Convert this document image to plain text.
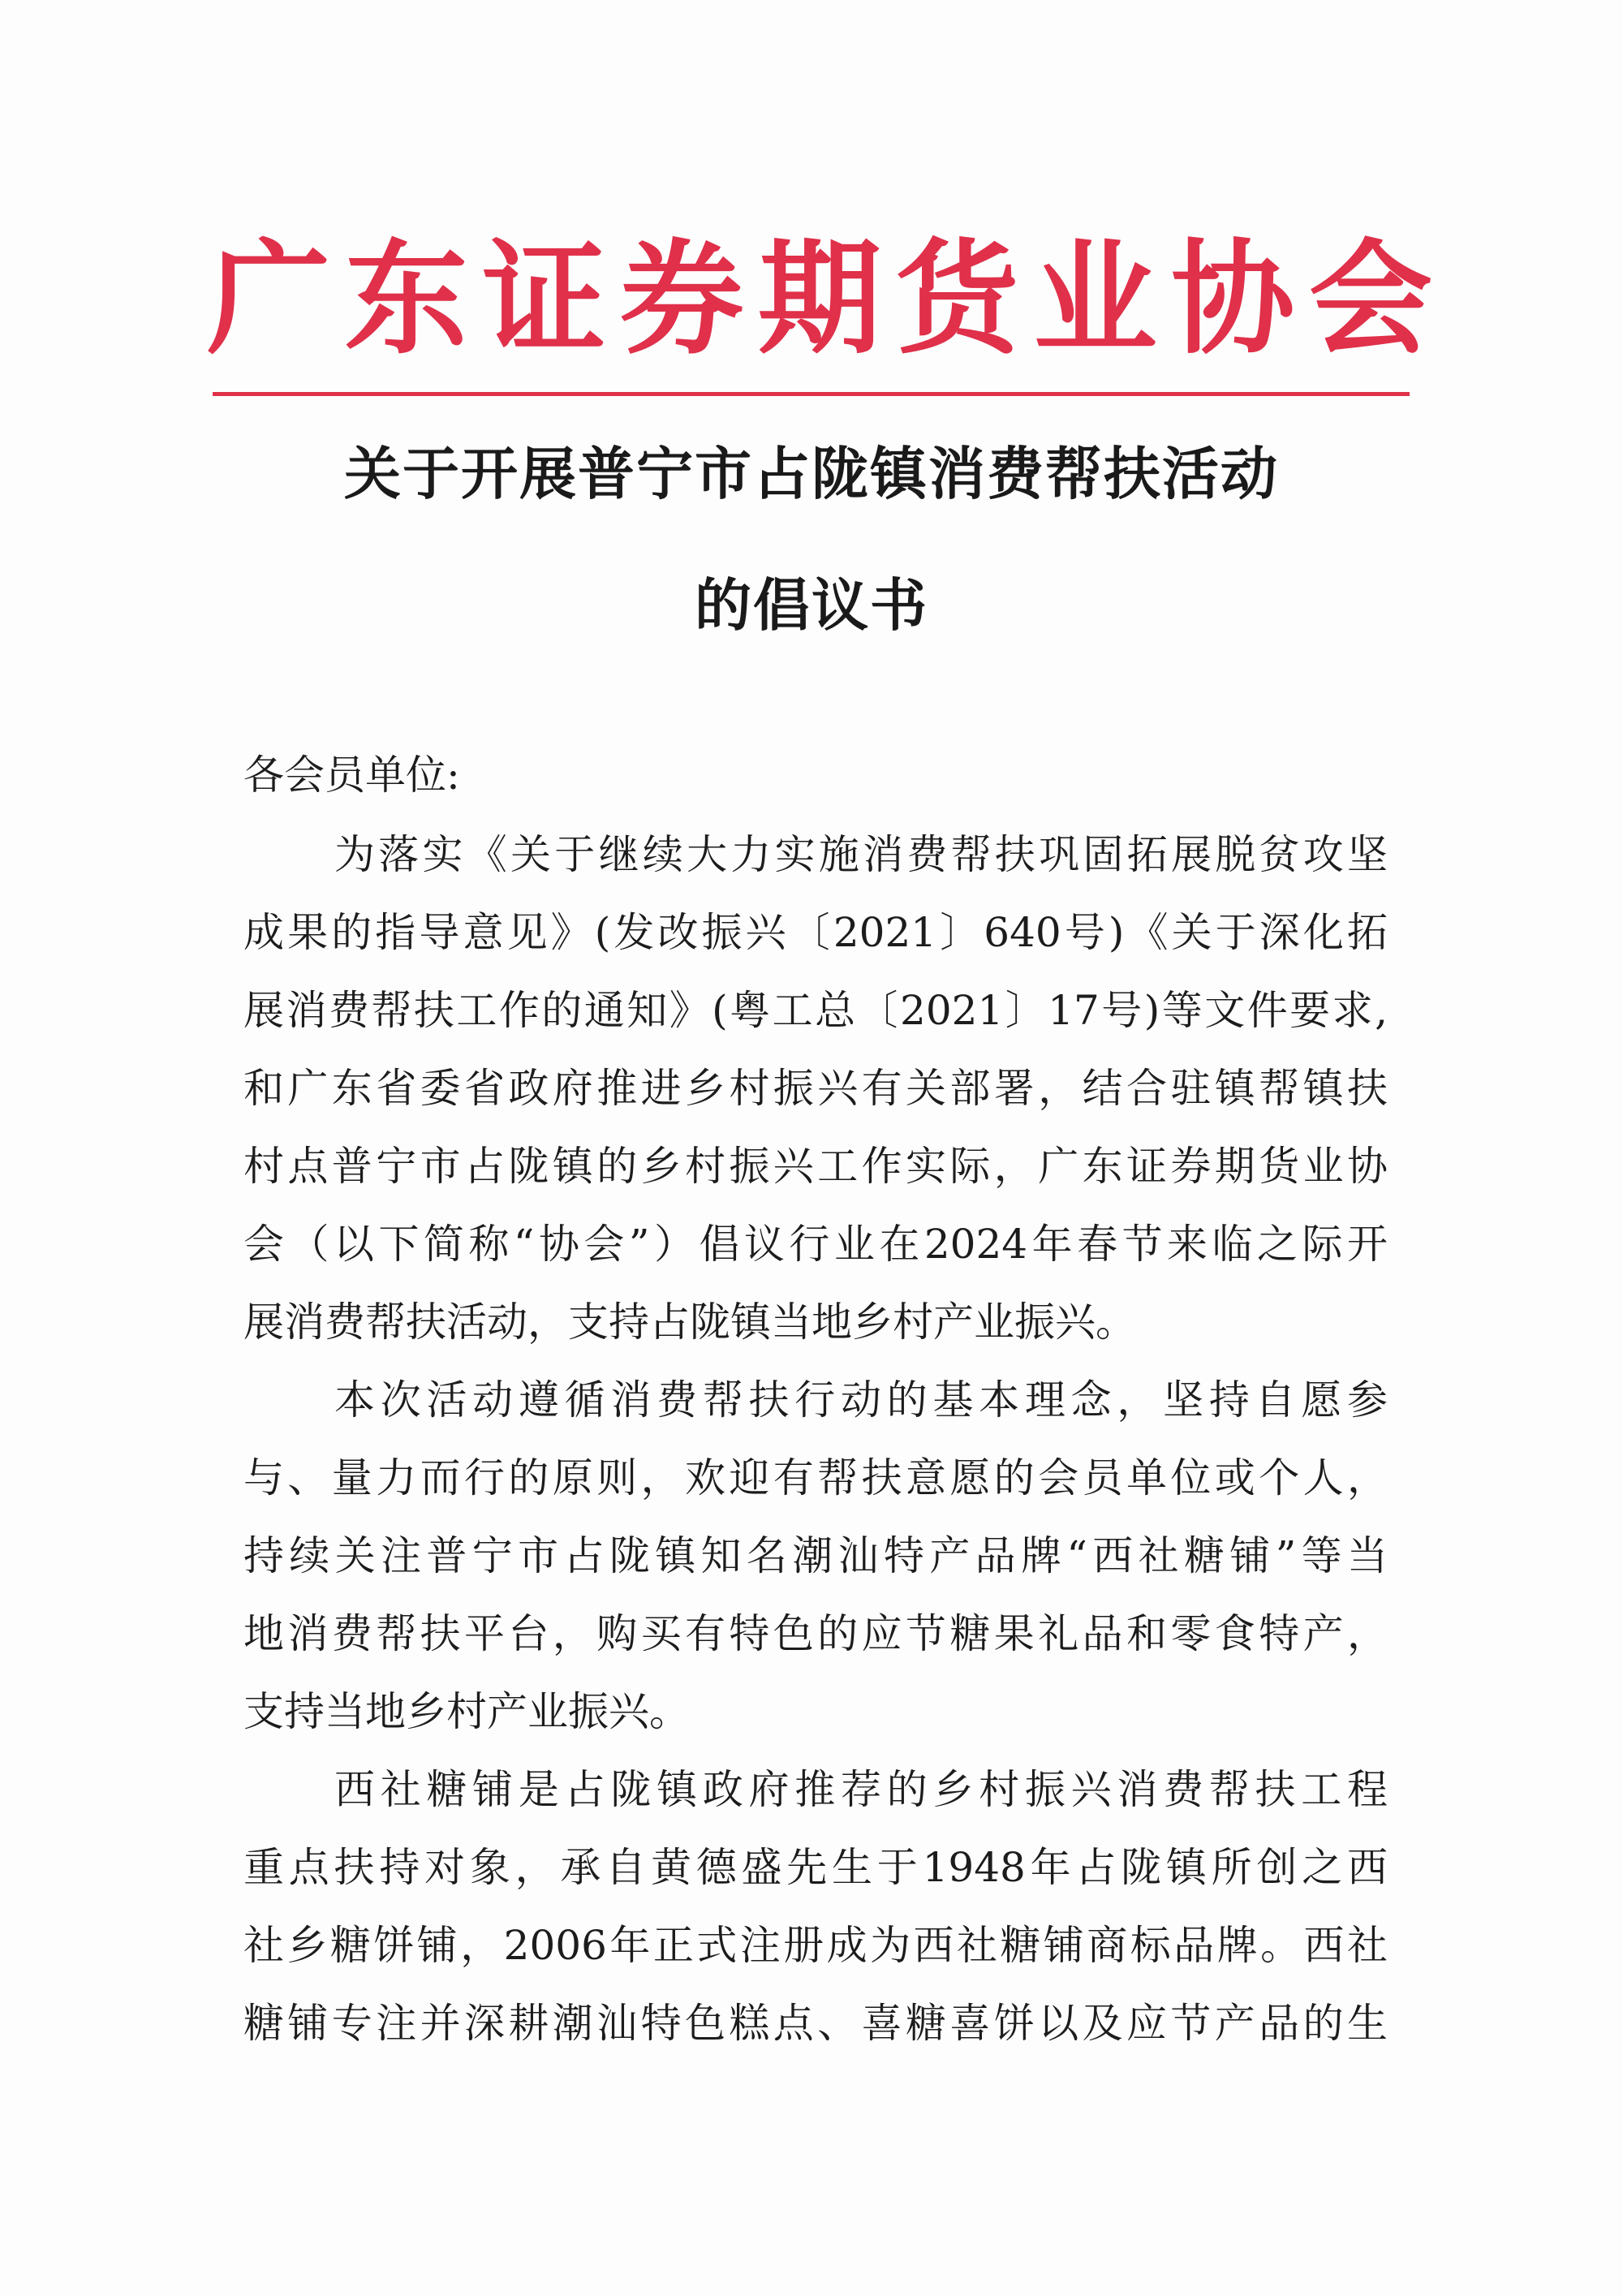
广 东 证 券 期 货 业 协 会
关于开展普宁市占陇镇消费帮扶活动
的倡议书
各会员单位:
为落实《关于继续大力实施消费帮扶巩固拓展脱贫攻坚
成果的指导意见》(发改振兴〔2021〕640号)《关于深化拓
展消费帮扶工作的通知》(粤工总〔2021〕17号)等文件要求,
和广东省委省政府推进乡村振兴有关部署，结合驻镇帮镇扶
村点普宁市占陇镇的乡村振兴工作实际，广东证券期货业协
会（以下简称“协会”）倡议行业在2024年春节来临之际开
展消费帮扶活动，支持占陇镇当地乡村产业振兴。
本次活动遵循消费帮扶行动的基本理念，坚持自愿参
与、量力而行的原则，欢迎有帮扶意愿的会员单位或个人，
持续关注普宁市占陇镇知名潮汕特产品牌“西社糖铺”等当
地消费帮扶平台，购买有特色的应节糖果礼品和零食特产，
支持当地乡村产业振兴。
西社糖铺是占陇镇政府推荐的乡村振兴消费帮扶工程
重点扶持对象，承自黄德盛先生于1948年占陇镇所创之西
社乡糖饼铺，2006年正式注册成为西社糖铺商标品牌。西社
糖铺专注并深耕潮汕特色糕点、喜糖喜饼以及应节产品的生
